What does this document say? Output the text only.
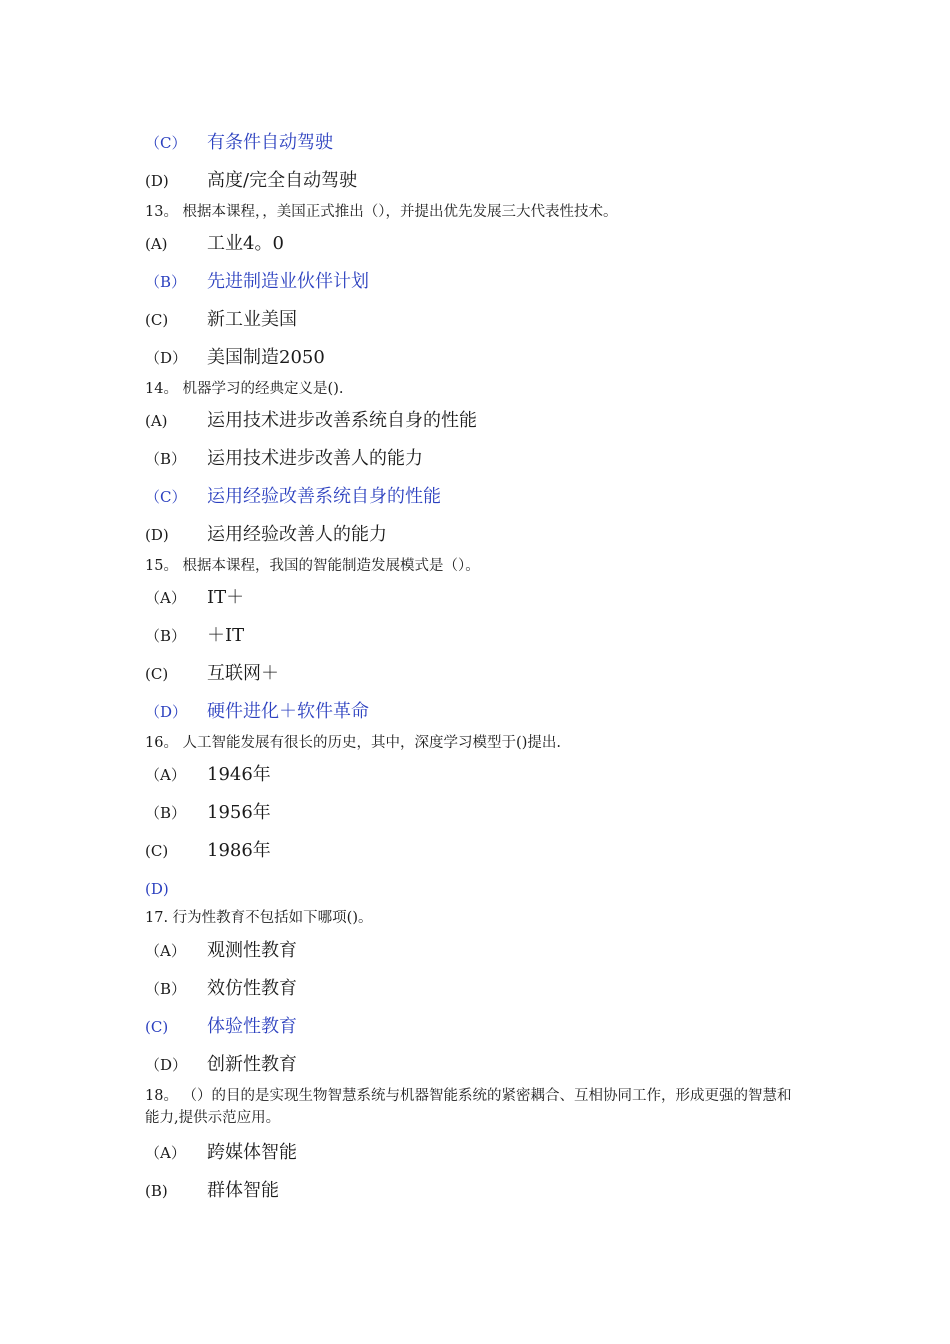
（C） 有条件自动驾驶
(D) 高度/完全自动驾驶
13。 根据本课程，，美国正式推出（），并提出优先发展三大代表性技术。
(A) 工业4。0
（B） 先进制造业伙伴计划
(C) 新工业美国
（D） 美国制造2050
14。 机器学习的经典定义是().
(A) 运用技术进步改善系统自身的性能
（B） 运用技术进步改善人的能力
（C） 运用经验改善系统自身的性能
(D) 运用经验改善人的能力
15。 根据本课程，我国的智能制造发展模式是（）。
（A） IT＋
（B） ＋IT
(C) 互联网＋
（D） 硬件进化＋软件革命
16。 人工智能发展有很长的历史，其中，深度学习模型于()提出.
（A） 1946年
（B） 1956年
(C) 1986年
(D)
17. 行为性教育不包括如下哪项()。
（A） 观测性教育
（B） 效仿性教育
(C) 体验性教育
（D） 创新性教育
18。 （）的目的是实现生物智慧系统与机器智能系统的紧密耦合、互相协同工作，形成更强的智慧和能力,提供示范应用。
（A） 跨媒体智能
(B) 群体智能
